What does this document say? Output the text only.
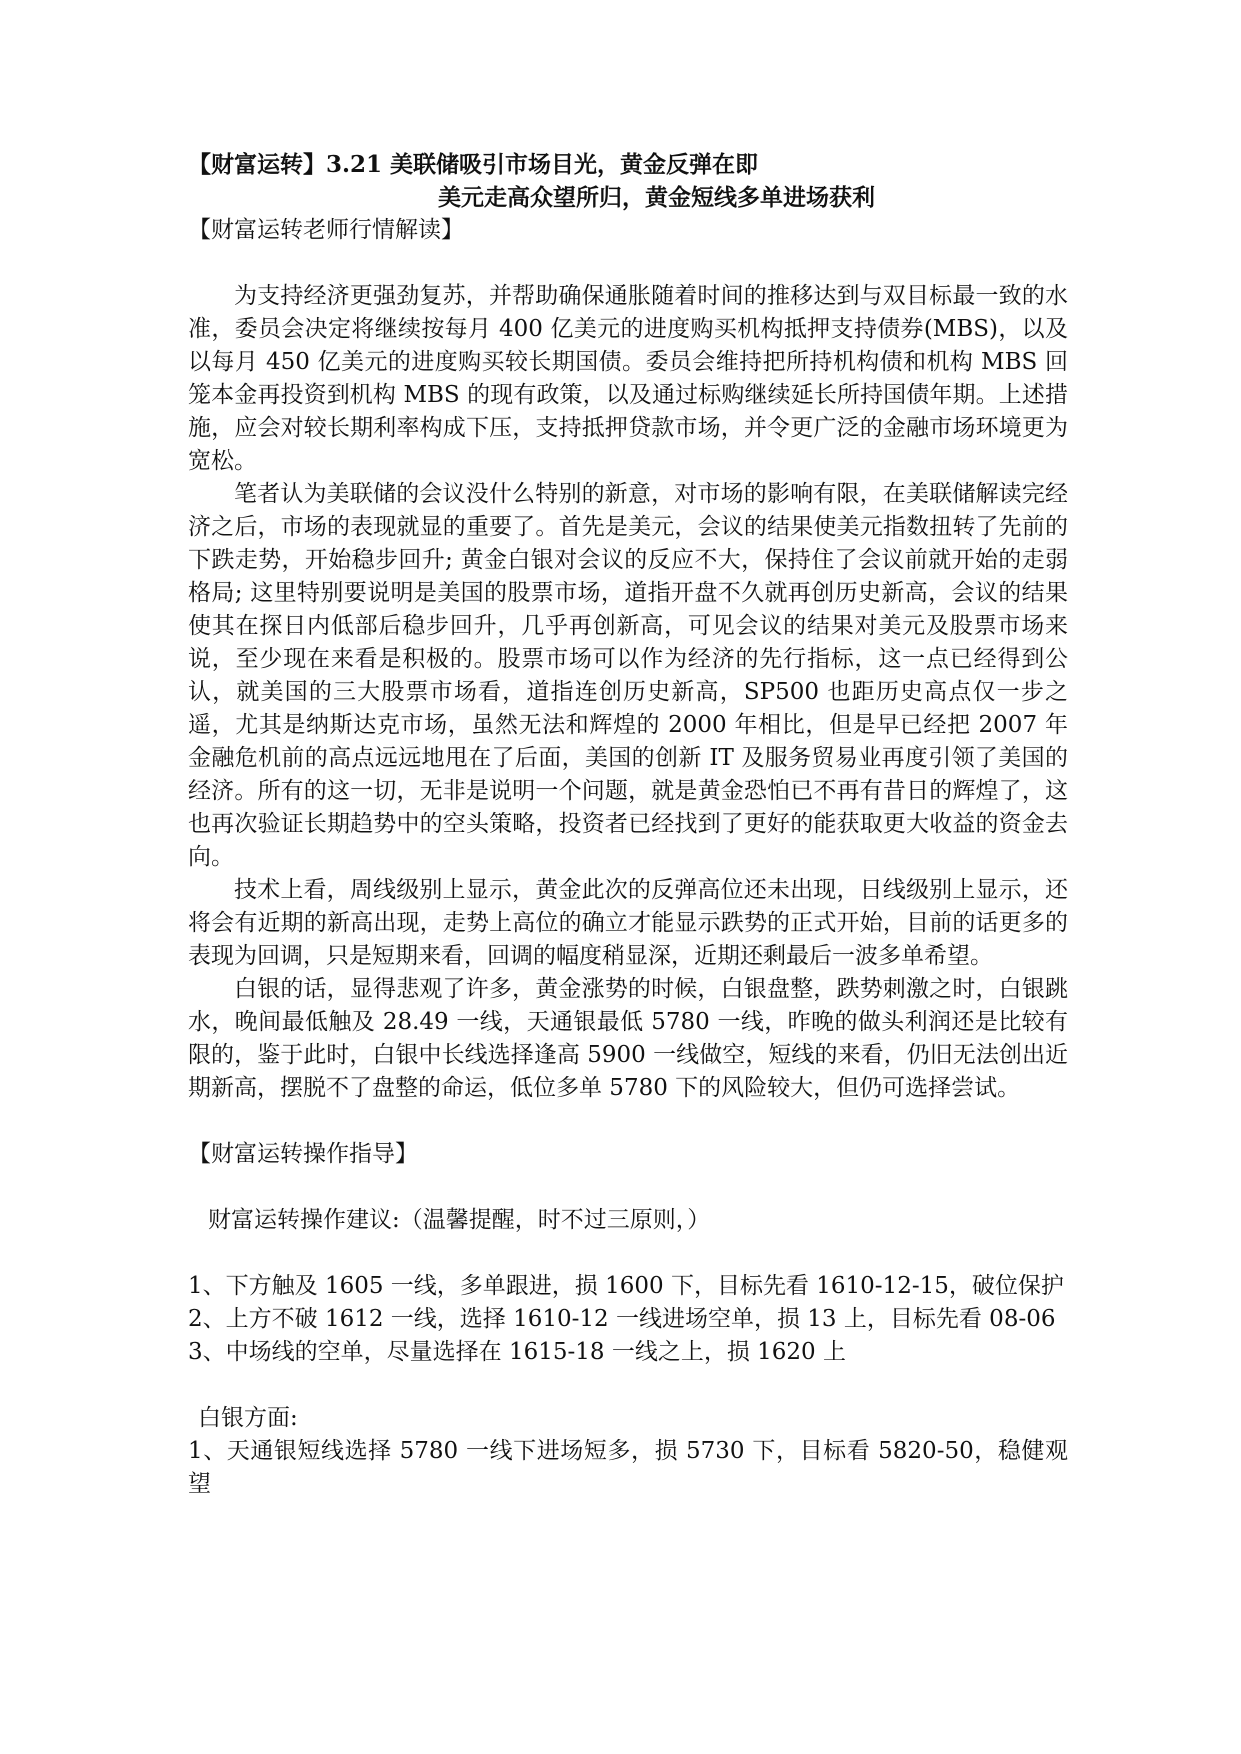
【财富运转】3.21 美联储吸引市场目光，黄金反弹在即
美元走高众望所归，黄金短线多单进场获利
【财富运转老师行情解读】

为支持经济更强劲复苏，并帮助确保通胀随着时间的推移达到与双目标最一致的水准，委员会决定将继续按每月 400 亿美元的进度购买机构抵押支持债券(MBS)，以及以每月 450 亿美元的进度购买较长期国债。委员会维持把所持机构债和机构 MBS 回笼本金再投资到机构 MBS 的现有政策，以及通过标购继续延长所持国债年期。上述措施，应会对较长期利率构成下压，支持抵押贷款市场，并令更广泛的金融市场环境更为宽松。

笔者认为美联储的会议没什么特别的新意，对市场的影响有限，在美联储解读完经济之后，市场的表现就显的重要了。首先是美元，会议的结果使美元指数扭转了先前的下跌走势，开始稳步回升; 黄金白银对会议的反应不大，保持住了会议前就开始的走弱格局; 这里特别要说明是美国的股票市场，道指开盘不久就再创历史新高，会议的结果使其在探日内低部后稳步回升，几乎再创新高，可见会议的结果对美元及股票市场来说，至少现在来看是积极的。股票市场可以作为经济的先行指标，这一点已经得到公认，就美国的三大股票市场看，道指连创历史新高，SP500 也距历史高点仅一步之遥，尤其是纳斯达克市场，虽然无法和辉煌的 2000 年相比，但是早已经把 2007 年金融危机前的高点远远地甩在了后面，美国的创新 IT 及服务贸易业再度引领了美国的经济。所有的这一切，无非是说明一个问题，就是黄金恐怕已不再有昔日的辉煌了，这也再次验证长期趋势中的空头策略，投资者已经找到了更好的能获取更大收益的资金去向。

技术上看，周线级别上显示，黄金此次的反弹高位还未出现，日线级别上显示，还将会有近期的新高出现，走势上高位的确立才能显示跌势的正式开始，目前的话更多的表现为回调，只是短期来看，回调的幅度稍显深，近期还剩最后一波多单希望。

白银的话，显得悲观了许多，黄金涨势的时候，白银盘整，跌势刺激之时，白银跳水，晚间最低触及 28.49 一线，天通银最低 5780 一线，昨晚的做头利润还是比较有限的，鉴于此时，白银中长线选择逢高 5900 一线做空，短线的来看，仍旧无法创出近期新高，摆脱不了盘整的命运，低位多单 5780 下的风险较大，但仍可选择尝试。

【财富运转操作指导】
财富运转操作建议:（温馨提醒，时不过三原则，）

1、下方触及 1605 一线，多单跟进，损 1600 下，目标先看 1610-12-15，破位保护

2、上方不破 1612 一线，选择 1610-12 一线进场空单，损 13 上，目标先看 08-06

3、中场线的空单，尽量选择在 1615-18 一线之上，损 1620 上

白银方面:

1、天通银短线选择 5780 一线下进场短多，损 5730 下，目标看 5820-50，稳健观望
